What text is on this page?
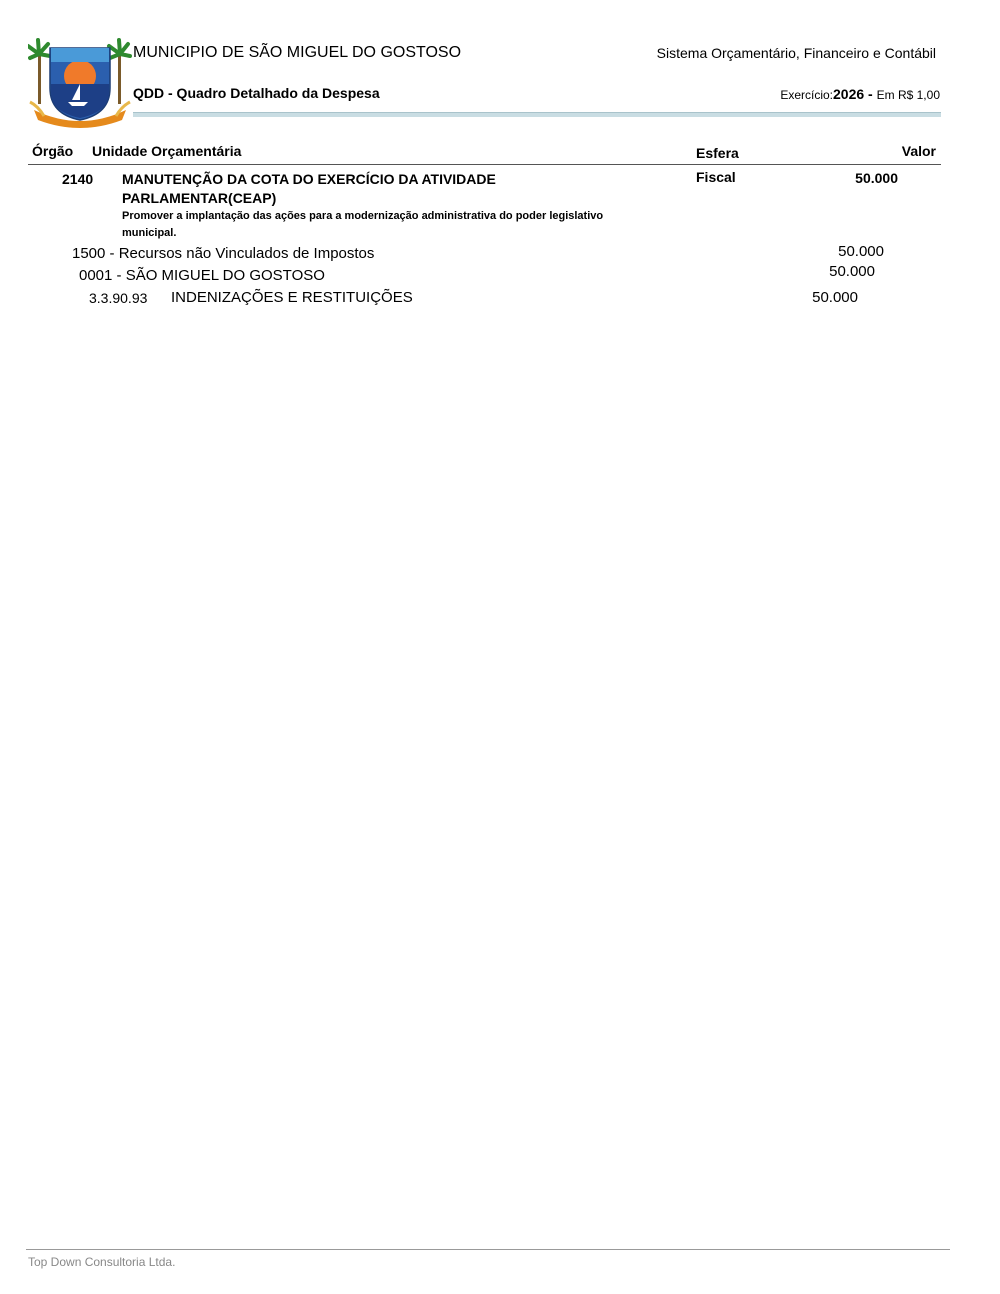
MUNICIPIO DE SÃO MIGUEL DO GOSTOSO	Sistema Orçamentário, Financeiro e Contábil
QDD - Quadro Detalhado da Despesa	Exercício:2026 - Em R$ 1,00
Órgão Unidade Orçamentária	Esfera	Valor
2140 MANUTENÇÃO DA COTA DO EXERCÍCIO DA ATIVIDADE
PARLAMENTAR(CEAP)
Promover a implantação das ações para a modernização administrativa do poder legislativo
municipal.
Fiscal	50.000
1500 - Recursos não Vinculados de Impostos	50.000
0001 - SÃO MIGUEL DO GOSTOSO	50.000
3.3.90.93 INDENIZAÇÕES E RESTITUIÇÕES	50.000
Top Down Consultoria Ltda.
